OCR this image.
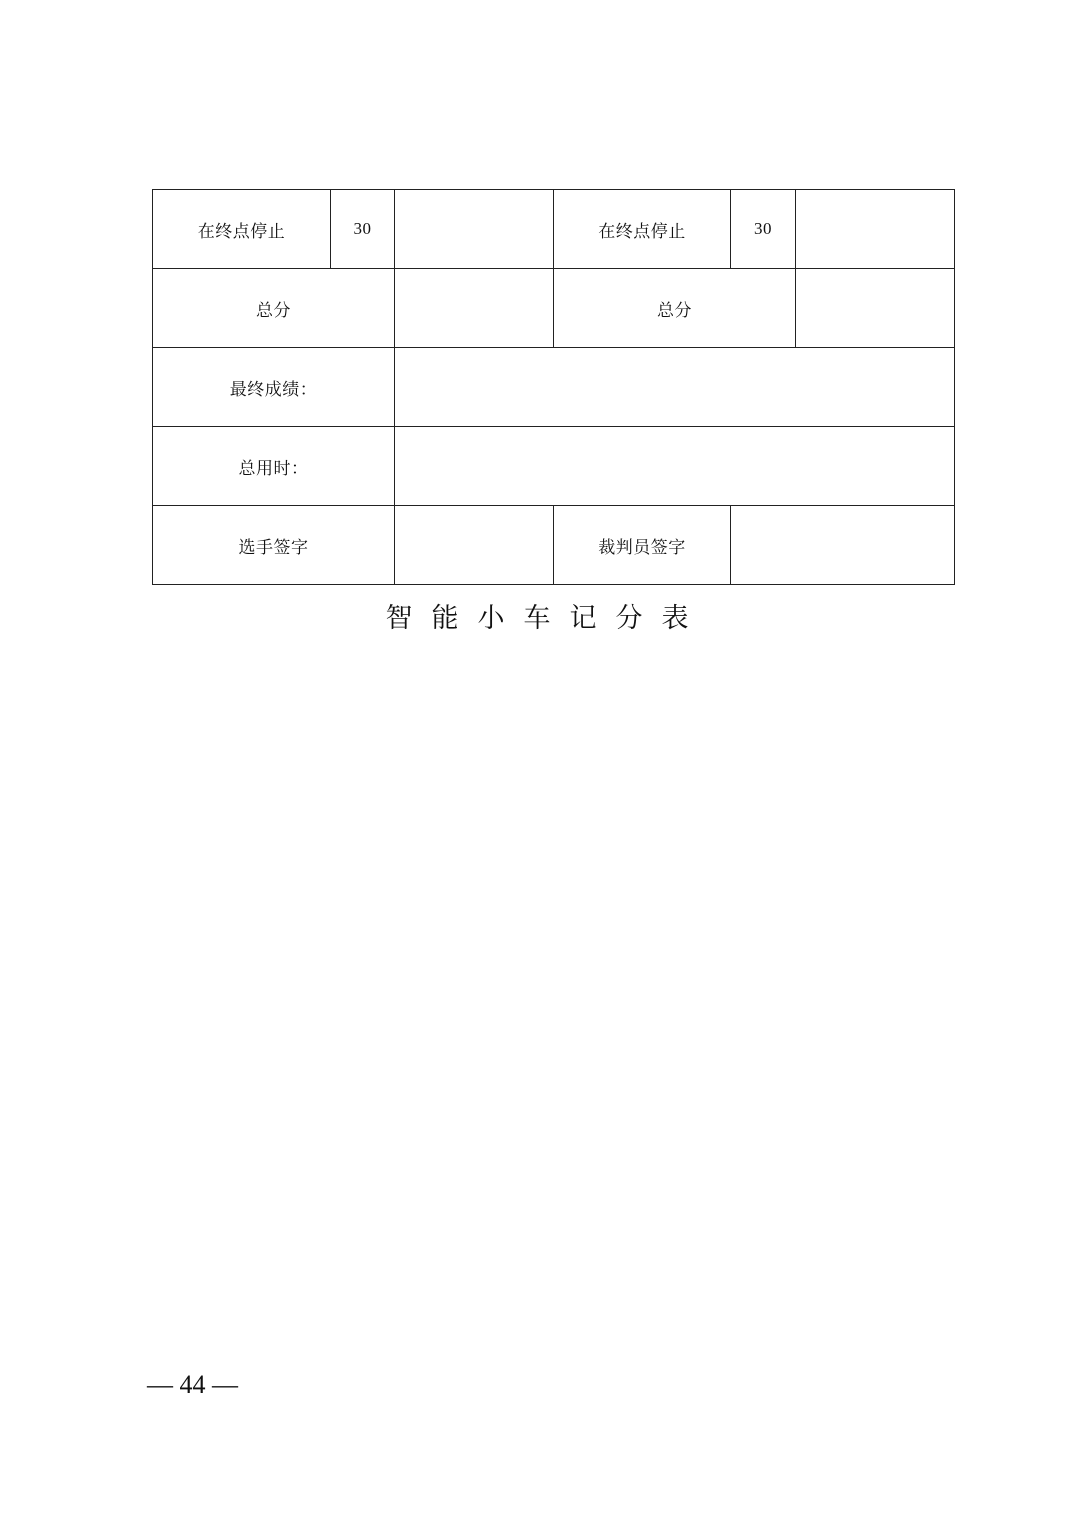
在终点停止	30		在终点停止	30	
总分			总分		
最终成绩：					
总用时：					
选手签字			裁判员签字		
智能小车记分表
— 44 —
